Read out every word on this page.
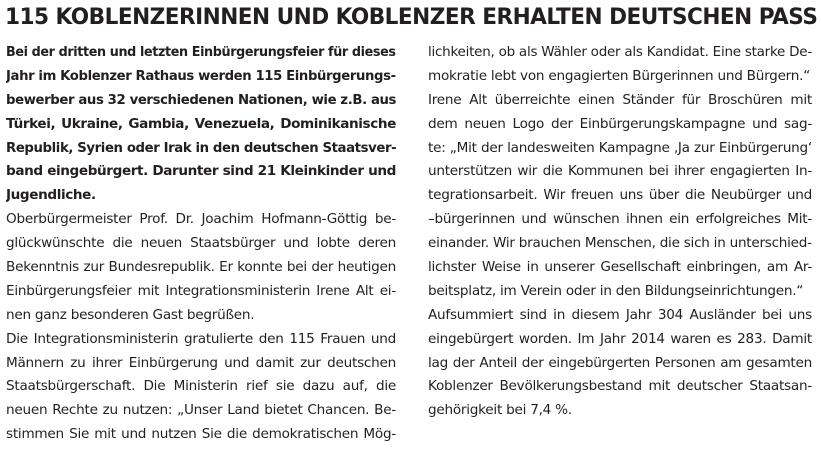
115 KOBLENZERINNEN UND KOBLENZER ERHALTEN DEUTSCHEN PASS
Bei der dritten und letzten Einbürgerungsfeier für dieses
Jahr im Koblenzer Rathaus werden 115 Einbürgerungs-
bewerber aus 32 verschiedenen Nationen, wie z.B. aus
Türkei, Ukraine, Gambia, Venezuela, Dominikanische
Republik, Syrien oder Irak in den deutschen Staatsver-
band eingebürgert. Darunter sind 21 Kleinkinder und
Jugendliche.
Oberbürgermeister Prof. Dr. Joachim Hofmann-Göttig be-
glückwünschte die neuen Staatsbürger und lobte deren
Bekenntnis zur Bundesrepublik. Er konnte bei der heutigen
Einbürgerungsfeier mit Integrationsministerin Irene Alt ei-
nen ganz besonderen Gast begrüßen.
Die Integrationsministerin gratulierte den 115 Frauen und
Männern zu ihrer Einbürgerung und damit zur deutschen
Staatsbürgerschaft. Die Ministerin rief sie dazu auf, die
neuen Rechte zu nutzen: „Unser Land bietet Chancen. Be-
stimmen Sie mit und nutzen Sie die demokratischen Mög-
lichkeiten, ob als Wähler oder als Kandidat. Eine starke De-
mokratie lebt von engagierten Bürgerinnen und Bürgern.“
Irene Alt überreichte einen Ständer für Broschüren mit
dem neuen Logo der Einbürgerungskampagne und sag-
te: „Mit der landesweiten Kampagne ‚Ja zur Einbürgerung‘
unterstützen wir die Kommunen bei ihrer engagierten In-
tegrationsarbeit. Wir freuen uns über die Neubürger und
–bürgerinnen und wünschen ihnen ein erfolgreiches Mit-
einander. Wir brauchen Menschen, die sich in unterschied-
lichster Weise in unserer Gesellschaft einbringen, am Ar-
beitsplatz, im Verein oder in den Bildungseinrichtungen.“
Aufsummiert sind in diesem Jahr 304 Ausländer bei uns
eingebürgert worden. Im Jahr 2014 waren es 283. Damit
lag der Anteil der eingebürgerten Personen am gesamten
Koblenzer Bevölkerungsbestand mit deutscher Staatsan-
gehörigkeit bei 7,4 %.
